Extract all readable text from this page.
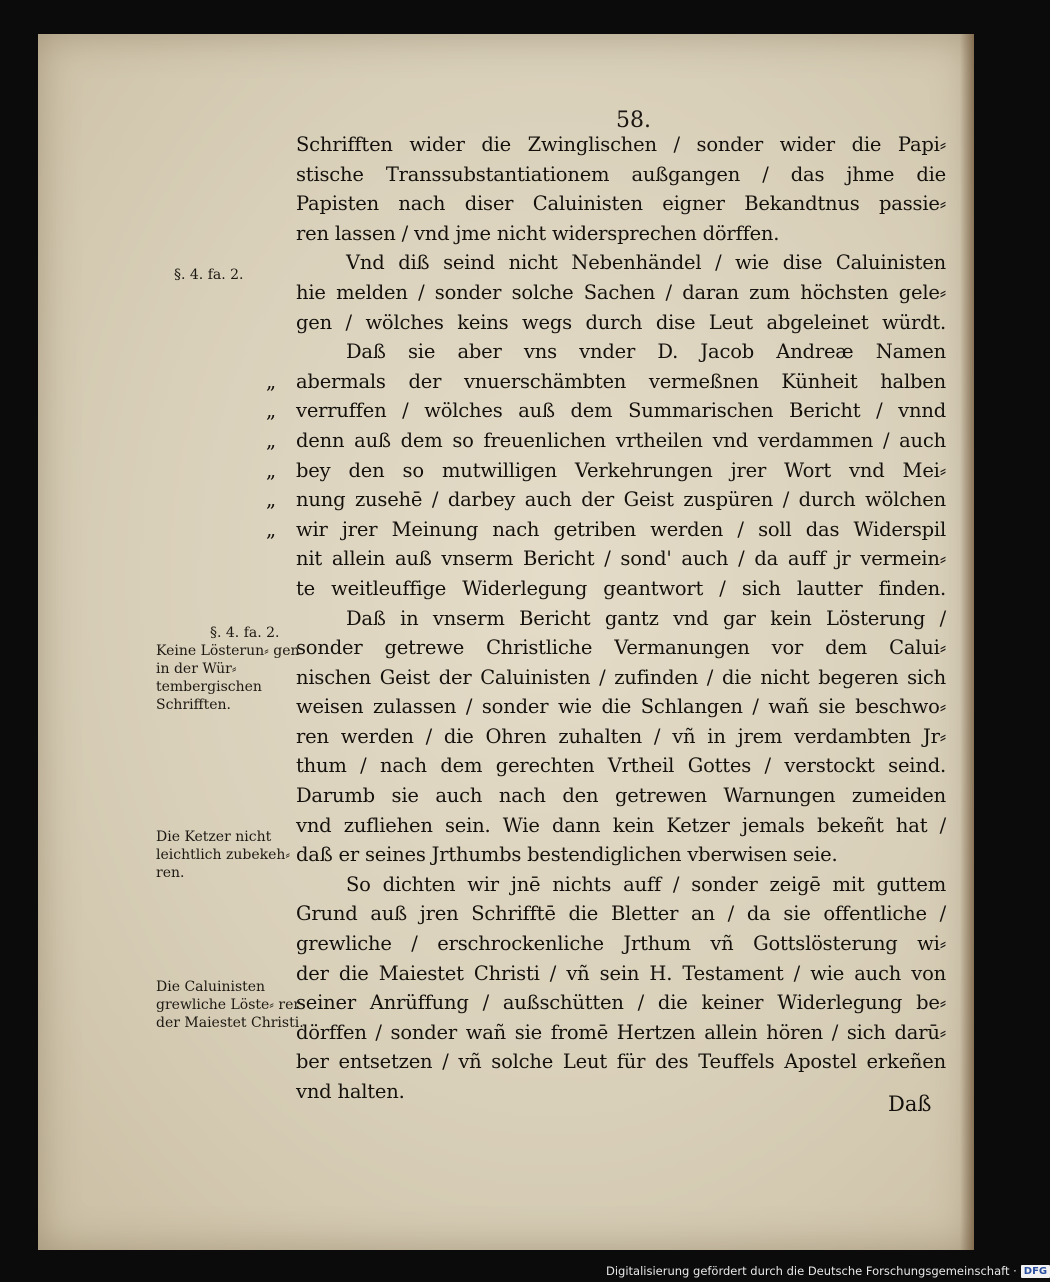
58.
Schrifften wider die Zwinglischen / sonder wider die Papi⸗
stische Transsubstantiationem außgangen / das jhme die
Papisten nach diser Caluinisten eigner Bekandtnus passie⸗
ren lassen / vnd jme nicht widersprechen dörffen.
Vnd diß seind nicht Nebenhändel / wie dise Caluinisten
hie melden / sonder solche Sachen / daran zum höchsten gele⸗
gen / wölches keins wegs durch dise Leut abgeleinet würdt.
Daß sie aber vns vnder D. Jacob Andreæ Namen
„ abermals der vnuerschämbten vermeßnen Künheit halben
„ verruffen / wölches auß dem Summarischen Bericht / vnnd
„ denn auß dem so freuenlichen vrtheilen vnd verdammen / auch
„ bey den so mutwilligen Verkehrungen jrer Wort vnd Mei⸗
„ nung zusehē / darbey auch der Geist zuspüren / durch wölchen
„ wir jrer Meinung nach getriben werden / soll das Widerspil
nit allein auß vnserm Bericht / sond' auch / da auff jr vermein⸗
te weitleuffige Widerlegung geantwort / sich lautter finden.
Daß in vnserm Bericht gantz vnd gar kein Lösterung /
sonder getrewe Christliche Vermanungen vor dem Calui⸗
nischen Geist der Caluinisten / zufinden / die nicht begeren sich
weisen zulassen / sonder wie die Schlangen / wañ sie beschwo⸗
ren werden / die Ohren zuhalten / vñ in jrem verdambten Jr⸗
thum / nach dem gerechten Vrtheil Gottes / verstockt seind.
Darumb sie auch nach den getrewen Warnungen zumeiden
vnd zufliehen sein. Wie dann kein Ketzer jemals bekeñt hat /
daß er seines Jrthumbs bestendiglichen vberwisen seie.
So dichten wir jnē nichts auff / sonder zeigē mit guttem
Grund auß jren Schrifftē die Bletter an / da sie offentliche /
grewliche / erschrockenliche Jrthum vñ Gottslösterung wi⸗
der die Maiestet Christi / vñ sein H. Testament / wie auch von
seiner Anrüffung / außschütten / die keiner Widerlegung be⸗
dörffen / sonder wañ sie fromē Hertzen allein hören / sich darū⸗
ber entsetzen / vñ solche Leut für des Teuffels Apostel erkeñen
vnd halten.
§. 4. fa. 2.
§. 4. fa. 2.
Keine Lösterun⸗ gen in der Wür⸗ tembergischen Schrifften.
Die Ketzer nicht leichtlich zubekeh⸗ ren.
Die Caluinisten grewliche Löste⸗ rer der Maiestet Christi.
Daß
Digitalisierung gefördert durch die Deutsche Forschungsgemeinschaft · DFG
